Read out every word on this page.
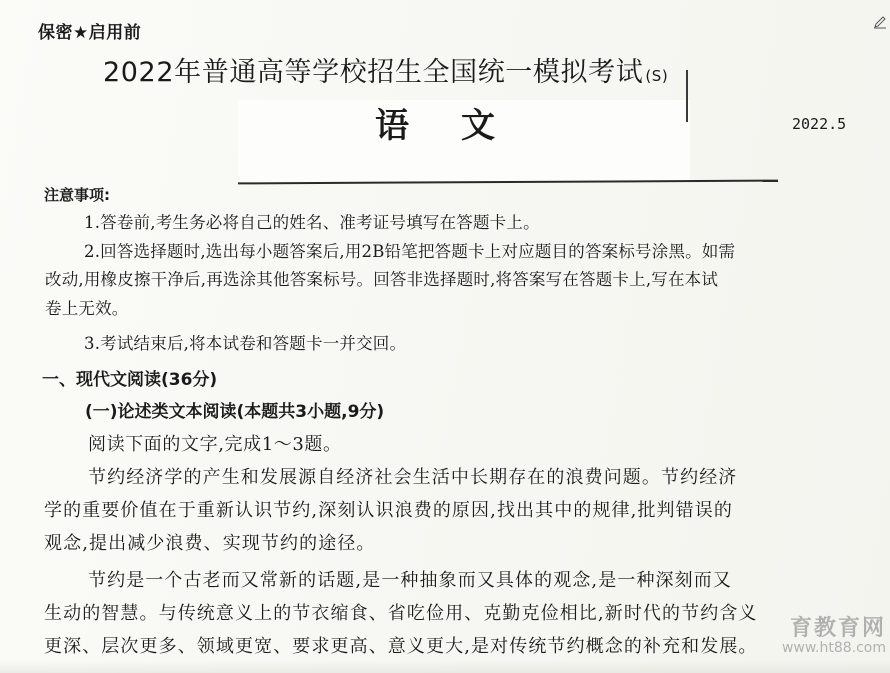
保密★启用前
2022年普通高等学校招生全国统一模拟考试 (S)
语文	2022.5
注意事项:
1.答卷前,考生务必将自己的姓名、准考证号填写在答题卡上。
2.回答选择题时,选出每小题答案后,用2B铅笔把答题卡上对应题目的答案标号涂黑。如需
改动,用橡皮擦干净后,再选涂其他答案标号。回答非选择题时,将答案写在答题卡上,写在本试
卷上无效。
3.考试结束后,将本试卷和答题卡一并交回。
一、现代文阅读(36分)
(一)论述类文本阅读(本题共3小题,9分)
阅读下面的文字,完成1～3题。
节约经济学的产生和发展源自经济社会生活中长期存在的浪费问题。节约经济
学的重要价值在于重新认识节约,深刻认识浪费的原因,找出其中的规律,批判错误的
观念,提出减少浪费、实现节约的途径。
节约是一个古老而又常新的话题,是一种抽象而又具体的观念,是一种深刻而又
生动的智慧。与传统意义上的节衣缩食、省吃俭用、克勤克俭相比,新时代的节约含义
更深、层次更多、领域更宽、要求更高、意义更大,是对传统节约概念的补充和发展。
育教育网
www.ht88.com
